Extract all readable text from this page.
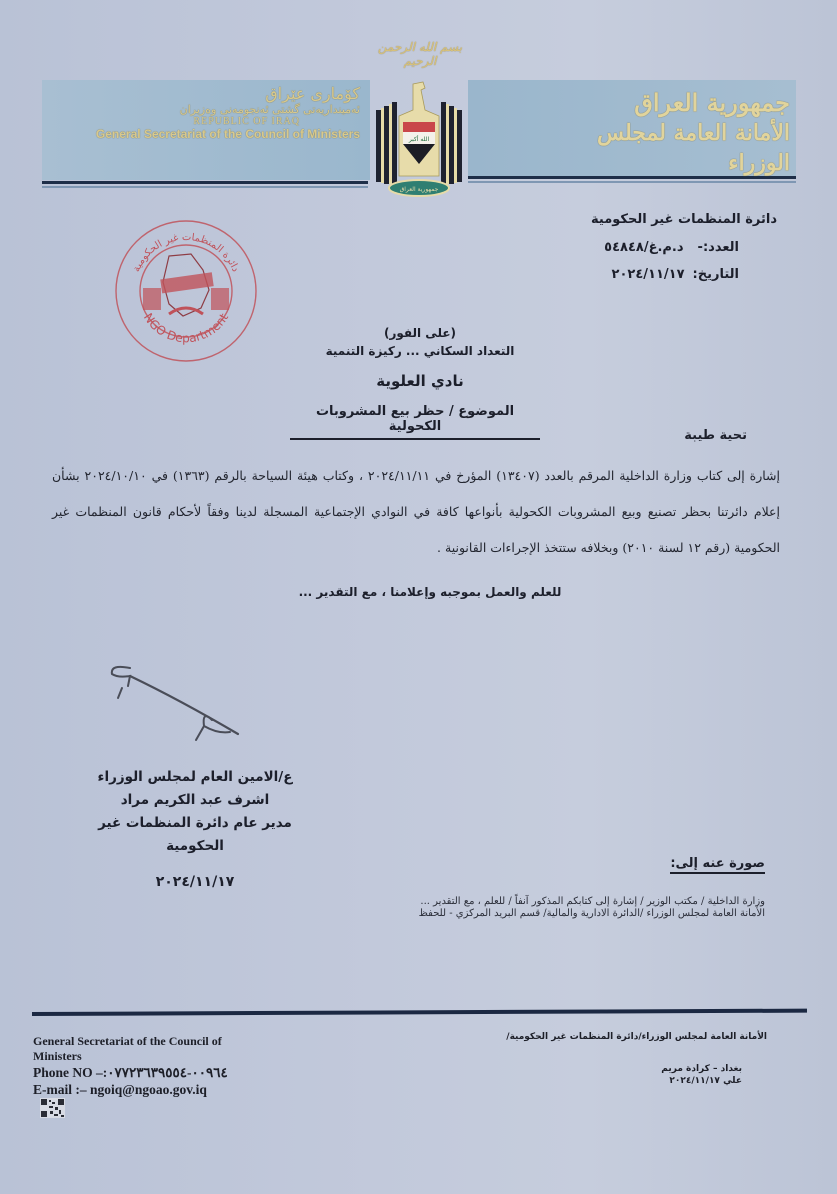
بسم الله الرحمن الرحيم
کۆماری عێراق
ئەمینداریەتی گشتی ئەنجومەنی وەزیران
REPUBLIC OF IRAQ
General Secretariat of the Council of Ministers
جمهورية العراق
الأمانة العامة لمجلس الوزراء
الله أكبر
جمهورية العراق
دائرة المنظمات غير الحكومية
العدد:-
د.م.غ/٥٤٨٤٨
التاريخ:
٢٠٢٤/١١/١٧
دائرة المنظمات غير الحكومية
NGO Department
(على الفور)
التعداد السكاني ... ركيزة التنمية
نادي العلوية
الموضوع / حظر بيع المشروبات الكحولية
تحية طيبة
إشارة إلى كتاب وزارة الداخلية المرقم بالعدد (١٣٤٠٧) المؤرخ في ٢٠٢٤/١١/١١ ، وكتاب هيئة السياحة بالرقم (١٣٦٣) في ٢٠٢٤/١٠/١٠ بشأن إعلام دائرتنا بحظر تصنيع وبيع المشروبات الكحولية بأنواعها كافة في النوادي الإجتماعية المسجلة لدينا وفقاً لأحكام قانون المنظمات غير الحكومية (رقم ١٢ لسنة ٢٠١٠) وبخلافه ستتخذ الإجراءات القانونية .
للعلم والعمل بموجبه وإعلامنا ، مع التقدير ...
ع/الامين العام لمجلس الوزراء
اشرف عبد الكريم مراد
مدير عام دائرة المنظمات غير الحكومية
٢٠٢٤/١١/١٧
صورة عنه إلى:
وزارة الداخلية / مكتب الوزير / إشارة إلى كتابكم المذكور آنفاً / للعلم ، مع التقدير ...
الأمانة العامة لمجلس الوزراء /الدائرة الادارية والمالية/ قسم البريد المركزي - للحفظ
General Secretariat of the Council of Ministers
Phone NO –:٠٠٩٦٤-٠٧٧٢٣٦٣٩٥٥٤
E-mail :– ngoiq@ngoao.gov.iq
الأمانة العامة لمجلس الوزراء/دائرة المنظمات غير الحكومية/
بغداد – كرادة مريم
علي ٢٠٢٤/١١/١٧
